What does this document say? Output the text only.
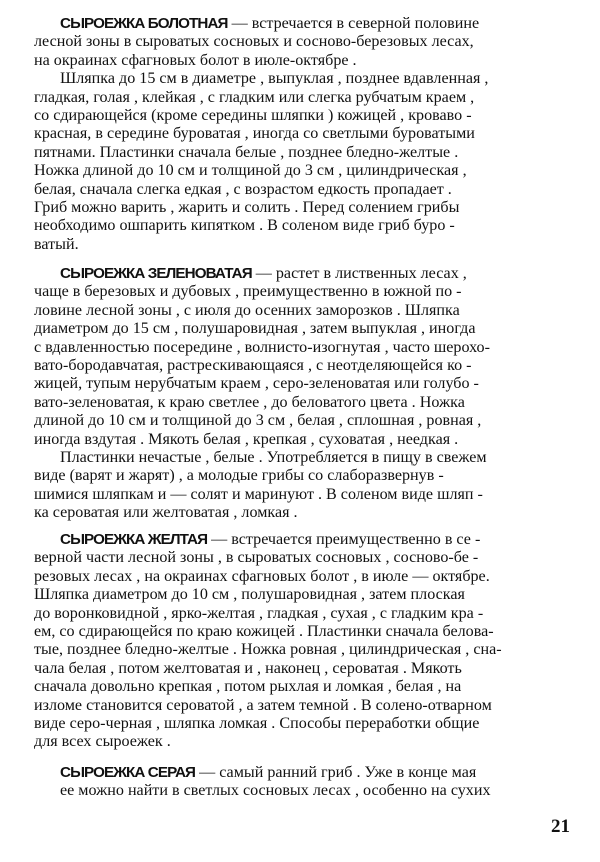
СЫРОЕЖКА БОЛОТНАЯ — встречается в северной половине
лесной зоны в сыроватых сосновых и сосново-березовых лесах,
на окраинах сфагновых болот в июле-октябре .
Шляпка до 15 см в диаметре , выпуклая , позднее вдавленная ,
гладкая, голая , клейкая , с гладким или слегка рубчатым краем ,
со сдирающейся (кроме середины шляпки ) кожицей , кроваво -
красная, в середине буроватая , иногда со светлыми буроватыми
пятнами. Пластинки сначала белые , позднее бледно-желтые .
Ножка длиной до 10 см и толщиной до 3 см , цилиндрическая ,
белая, сначала слегка едкая , с возрастом едкость пропадает .
Гриб можно варить , жарить и солить . Перед солением грибы
необходимо ошпарить кипятком . В соленом виде гриб буро -
ватый.
СЫРОЕЖКА ЗЕЛЕНОВАТАЯ — растет в лиственных лесах ,
чаще в березовых и дубовых , преимущественно в южной по -
ловине лесной зоны , с июля до осенних заморозков . Шляпка
диаметром до 15 см , полушаровидная , затем выпуклая , иногда
с вдавленностью посередине , волнисто-изогнутая , часто шерохо-
вато-бородавчатая, растрескивающаяся , с неотделяющейся ко -
жицей, тупым нерубчатым краем , серо-зеленоватая или голубо -
вато-зеленоватая, к краю светлее , до беловатого цвета . Ножка
длиной до 10 см и толщиной до 3 см , белая , сплошная , ровная ,
иногда вздутая . Мякоть белая , крепкая , суховатая , неедкая .
Пластинки нечастые , белые . Употребляется в пищу в свежем
виде (варят и жарят) , а молодые грибы со слаборазвернув -
шимися шляпкам и — солят и маринуют . В соленом виде шляп -
ка сероватая или желтоватая , ломкая .
СЫРОЕЖКА ЖЕЛТАЯ — встречается преимущественно в се -
верной части лесной зоны , в сыроватых сосновых , сосново-бе -
резовых лесах , на окраинах сфагновых болот , в июле — октябре.
Шляпка диаметром до 10 см , полушаровидная , затем плоская
до воронковидной , ярко-желтая , гладкая , сухая , с гладким кра -
ем, со сдирающейся по краю кожицей . Пластинки сначала белова-
тые, позднее бледно-желтые . Ножка ровная , цилиндрическая , сна-
чала белая , потом желтоватая и , наконец , сероватая . Мякоть
сначала довольно крепкая , потом рыхлая и ломкая , белая , на
изломе становится сероватой , а затем темной . В солено-отварном
виде серо-черная , шляпка ломкая . Способы переработки общие
для всех сыроежек .
СЫРОЕЖКА СЕРАЯ — самый ранний гриб . Уже в конце мая
ее можно найти в светлых сосновых лесах , особенно на сухих
21
